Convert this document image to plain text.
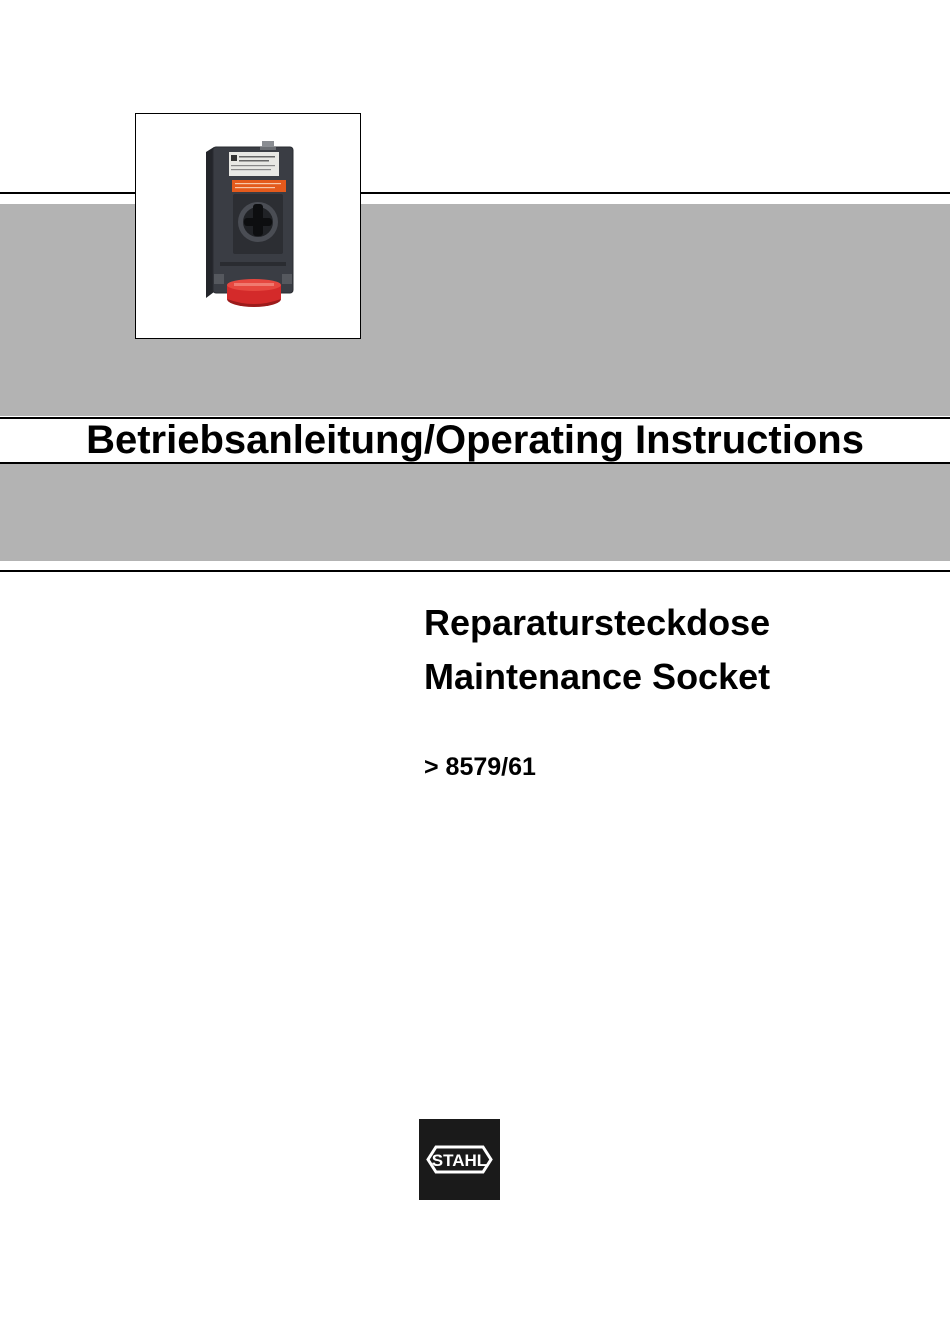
Betriebsanleitung/Operating Instructions
Reparatursteckdose
Maintenance Socket
> 8579/61
STAHL
